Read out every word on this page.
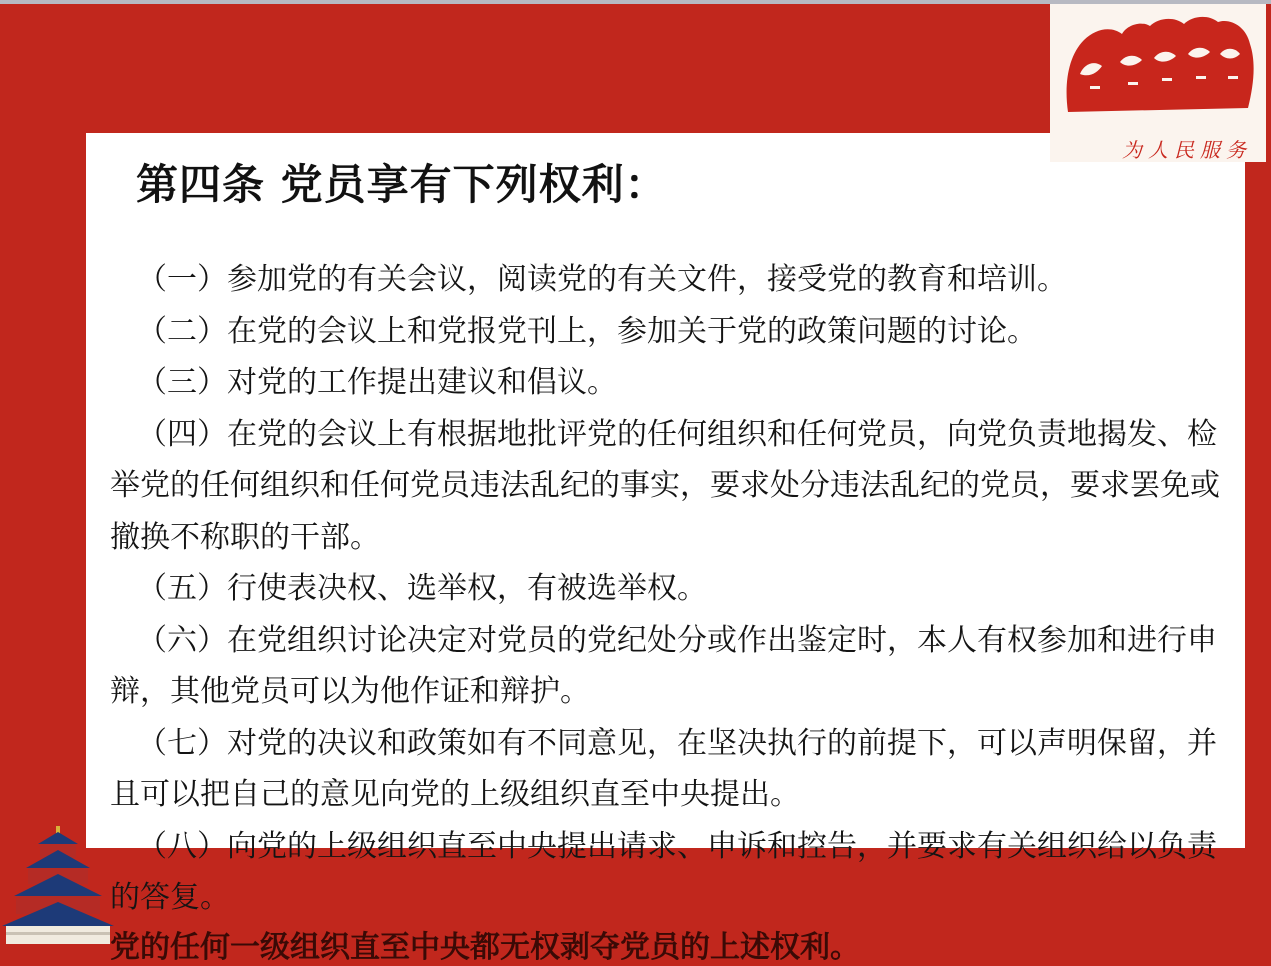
为人民服务
第四条 党员享有下列权利：

（一）参加党的有关会议，阅读党的有关文件，接受党的教育和培训。

（二）在党的会议上和党报党刊上，参加关于党的政策问题的讨论。

（三）对党的工作提出建议和倡议。

（四）在党的会议上有根据地批评党的任何组织和任何党员，向党负责地揭发、检举党的任何组织和任何党员违法乱纪的事实，要求处分违法乱纪的党员，要求罢免或撤换不称职的干部。

（五）行使表决权、选举权，有被选举权。

（六）在党组织讨论决定对党员的党纪处分或作出鉴定时，本人有权参加和进行申辩，其他党员可以为他作证和辩护。

（七）对党的决议和政策如有不同意见，在坚决执行的前提下，可以声明保留，并且可以把自己的意见向党的上级组织直至中央提出。

（八）向党的上级组织直至中央提出请求、申诉和控告，并要求有关组织给以负责的答复。

党的任何一级组织直至中央都无权剥夺党员的上述权利。
